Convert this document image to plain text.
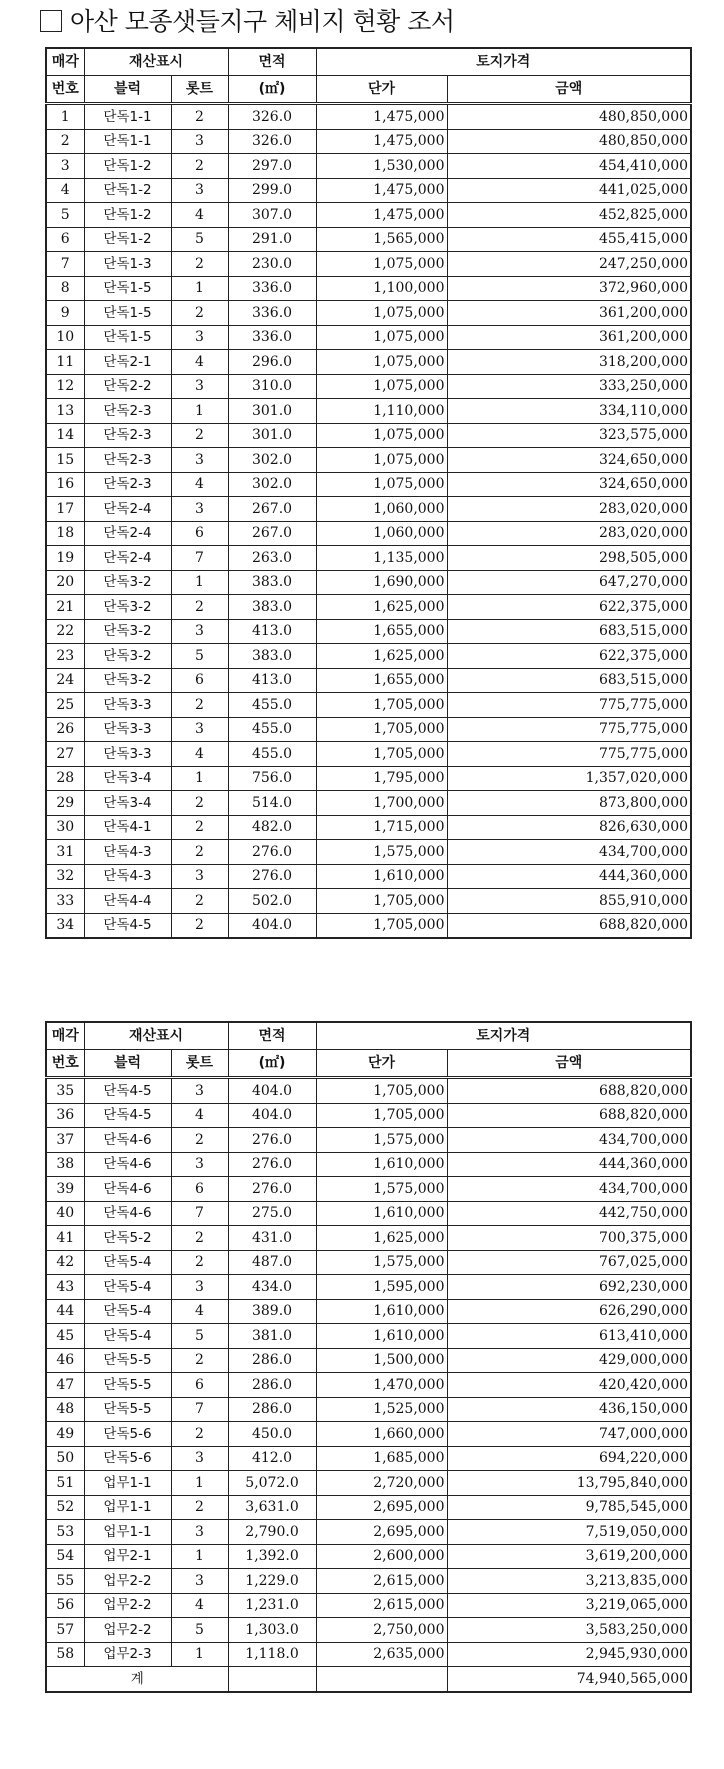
아산 모종샛들지구 체비지 현황 조서
매각	재산표시		면적	토지가격	
번호	블럭	롯트	(㎡)	단가	금액
1	단독1-1	2	326.0	1,475,000	480,850,000
2	단독1-1	3	326.0	1,475,000	480,850,000
3	단독1-2	2	297.0	1,530,000	454,410,000
4	단독1-2	3	299.0	1,475,000	441,025,000
5	단독1-2	4	307.0	1,475,000	452,825,000
6	단독1-2	5	291.0	1,565,000	455,415,000
7	단독1-3	2	230.0	1,075,000	247,250,000
8	단독1-5	1	336.0	1,100,000	372,960,000
9	단독1-5	2	336.0	1,075,000	361,200,000
10	단독1-5	3	336.0	1,075,000	361,200,000
11	단독2-1	4	296.0	1,075,000	318,200,000
12	단독2-2	3	310.0	1,075,000	333,250,000
13	단독2-3	1	301.0	1,110,000	334,110,000
14	단독2-3	2	301.0	1,075,000	323,575,000
15	단독2-3	3	302.0	1,075,000	324,650,000
16	단독2-3	4	302.0	1,075,000	324,650,000
17	단독2-4	3	267.0	1,060,000	283,020,000
18	단독2-4	6	267.0	1,060,000	283,020,000
19	단독2-4	7	263.0	1,135,000	298,505,000
20	단독3-2	1	383.0	1,690,000	647,270,000
21	단독3-2	2	383.0	1,625,000	622,375,000
22	단독3-2	3	413.0	1,655,000	683,515,000
23	단독3-2	5	383.0	1,625,000	622,375,000
24	단독3-2	6	413.0	1,655,000	683,515,000
25	단독3-3	2	455.0	1,705,000	775,775,000
26	단독3-3	3	455.0	1,705,000	775,775,000
27	단독3-3	4	455.0	1,705,000	775,775,000
28	단독3-4	1	756.0	1,795,000	1,357,020,000
29	단독3-4	2	514.0	1,700,000	873,800,000
30	단독4-1	2	482.0	1,715,000	826,630,000
31	단독4-3	2	276.0	1,575,000	434,700,000
32	단독4-3	3	276.0	1,610,000	444,360,000
33	단독4-4	2	502.0	1,705,000	855,910,000
34	단독4-5	2	404.0	1,705,000	688,820,000
매각	재산표시		면적	토지가격	
번호	블럭	롯트	(㎡)	단가	금액
35	단독4-5	3	404.0	1,705,000	688,820,000
36	단독4-5	4	404.0	1,705,000	688,820,000
37	단독4-6	2	276.0	1,575,000	434,700,000
38	단독4-6	3	276.0	1,610,000	444,360,000
39	단독4-6	6	276.0	1,575,000	434,700,000
40	단독4-6	7	275.0	1,610,000	442,750,000
41	단독5-2	2	431.0	1,625,000	700,375,000
42	단독5-4	2	487.0	1,575,000	767,025,000
43	단독5-4	3	434.0	1,595,000	692,230,000
44	단독5-4	4	389.0	1,610,000	626,290,000
45	단독5-4	5	381.0	1,610,000	613,410,000
46	단독5-5	2	286.0	1,500,000	429,000,000
47	단독5-5	6	286.0	1,470,000	420,420,000
48	단독5-5	7	286.0	1,525,000	436,150,000
49	단독5-6	2	450.0	1,660,000	747,000,000
50	단독5-6	3	412.0	1,685,000	694,220,000
51	업무1-1	1	5,072.0	2,720,000	13,795,840,000
52	업무1-1	2	3,631.0	2,695,000	9,785,545,000
53	업무1-1	3	2,790.0	2,695,000	7,519,050,000
54	업무2-1	1	1,392.0	2,600,000	3,619,200,000
55	업무2-2	3	1,229.0	2,615,000	3,213,835,000
56	업무2-2	4	1,231.0	2,615,000	3,219,065,000
57	업무2-2	5	1,303.0	2,750,000	3,583,250,000
58	업무2-3	1	1,118.0	2,635,000	2,945,930,000
계					74,940,565,000
